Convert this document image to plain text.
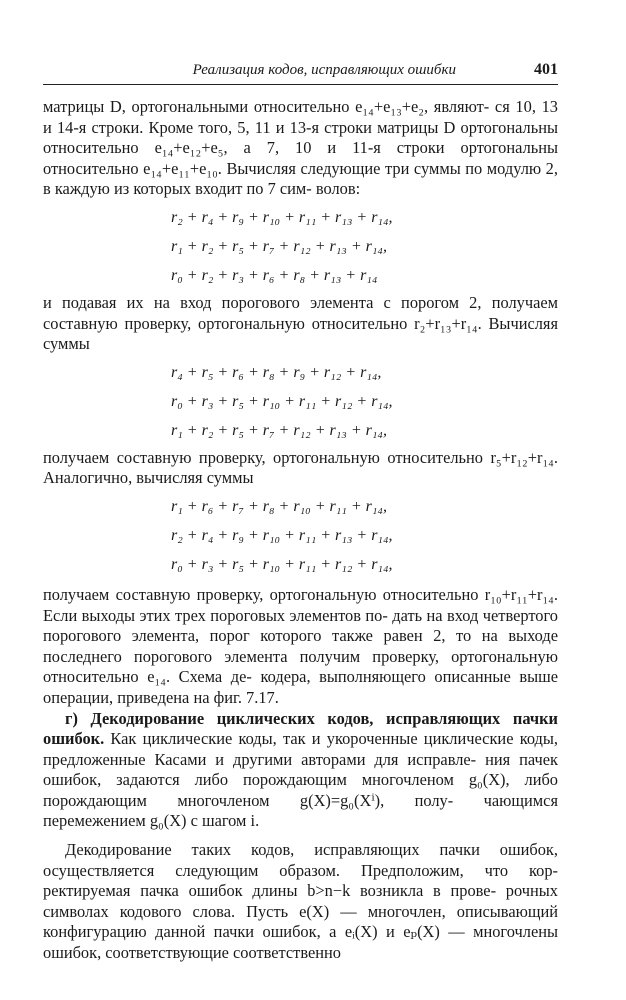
Реализация кодов, исправляющих ошибки	401

матрицы D, ортогональными относительно e₁₄+e₁₃+e₂, являют- ся 10, 13 и 14-я строки. Кроме того, 5, 11 и 13-я строки матрицы D ортогональны относительно e₁₄+e₁₂+e₅, а 7, 10 и 11-я строки ортогональны относительно e₁₄+e₁₁+e₁₀. Вычисляя следующие три суммы по модулю 2, в каждую из которых входит по 7 сим- волов:

r₂ + r₄ + r₉ + r₁₀ + r₁₁ + r₁₃ + r₁₄,
r₁ + r₂ + r₅ + r₇ + r₁₂ + r₁₃ + r₁₄,
r₀ + r₂ + r₃ + r₆ + r₈ + r₁₃ + r₁₄

и подавая их на вход порогового элемента с порогом 2, получаем составную проверку, ортогональную относительно r₂+r₁₃+r₁₄. Вычисляя суммы

r₄ + r₅ + r₆ + r₈ + r₉ + r₁₂ + r₁₄,
r₀ + r₃ + r₅ + r₁₀ + r₁₁ + r₁₂ + r₁₄,
r₁ + r₂ + r₅ + r₇ + r₁₂ + r₁₃ + r₁₄,

получаем составную проверку, ортогональную относительно r₅+r₁₂+r₁₄. Аналогично, вычисляя суммы

r₁ + r₆ + r₇ + r₈ + r₁₀ + r₁₁ + r₁₄,
r₂ + r₄ + r₉ + r₁₀ + r₁₁ + r₁₃ + r₁₄,
r₀ + r₃ + r₅ + r₁₀ + r₁₁ + r₁₂ + r₁₄,

получаем составную проверку, ортогональную относительно r₁₀+r₁₁+r₁₄. Если выходы этих трех пороговых элементов по- дать на вход четвертого порогового элемента, порог которого также равен 2, то на выходе последнего порогового элемента получим проверку, ортогональную относительно e₁₄. Схема де- кодера, выполняющего описанные выше операции, приведена на фиг. 7.17.

г) Декодирование циклических кодов, исправляющих пачки ошибок. Как циклические коды, так и укороченные циклические коды, предложенные Касами и другими авторами для исправле- ния пачек ошибок, задаются либо порождающим многочленом g₀(X), либо порождающим многочленом g(X)=g₀(Xⁱ), полу- чающимся перемежением g₀(X) с шагом i.

Декодирование таких кодов, исправляющих пачки ошибок, осуществляется следующим образом. Предположим, что кор- ректируемая пачка ошибок длины b>n−k возникла в прове- рочных символах кодового слова. Пусть e(X) — многочлен, описывающий конфигурацию данной пачки ошибок, а eᵢ(X) и eₚ(X) — многочлены ошибок, соответствующие соответственно
